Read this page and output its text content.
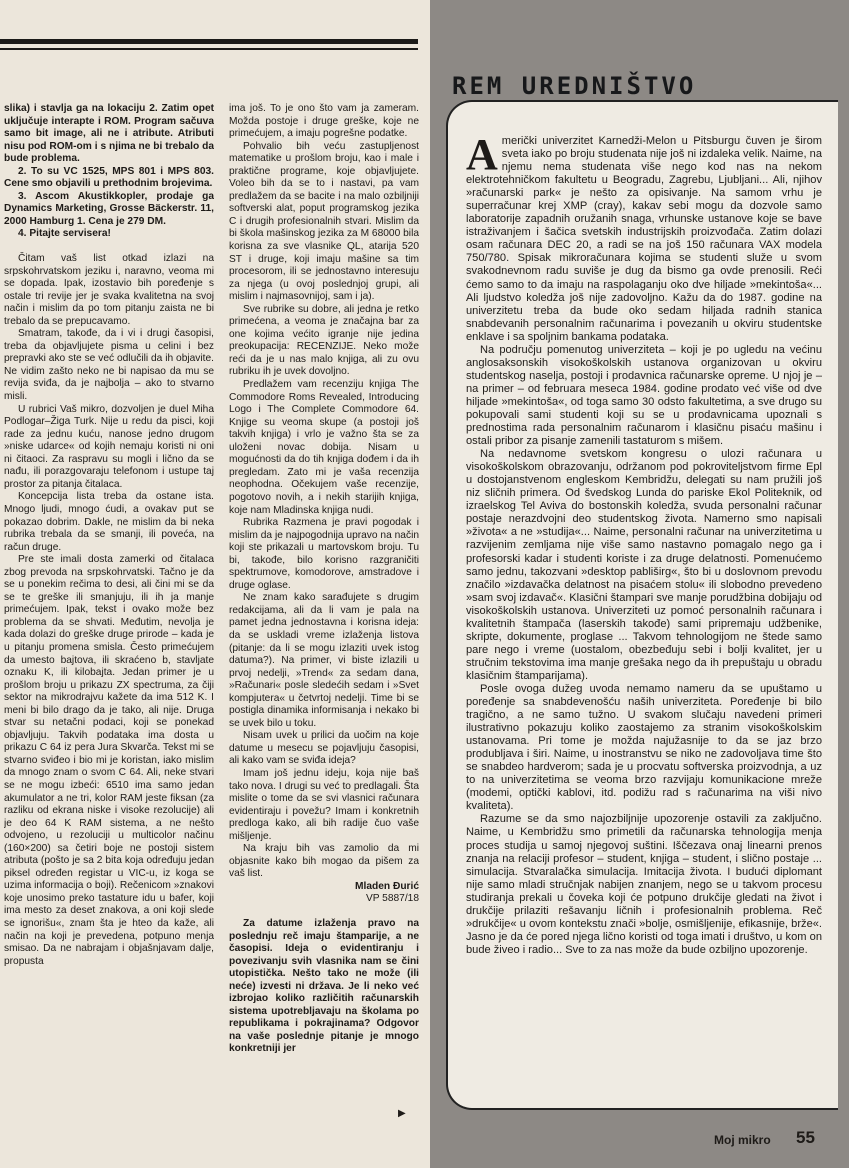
slika) i stavlja ga na lokaciju 2. Zatim opet uključuje interapte i ROM. Program sačuva samo bit image, ali ne i atribute. Atributi nisu pod ROM-om i s njima ne bi trebalo da bude problema.

2. To su VC 1525, MPS 801 i MPS 803. Cene smo objavili u prethodnim brojevima.

3. Ascom Akustikkopler, prodaje ga Dynamics Marketing, Grosse Bäckerstr. 11, 2000 Hamburg 1. Cena je 279 DM.

4. Pitajte servisera!

Čitam vaš list otkad izlazi na srpskohrvatskom jeziku i, naravno, veoma mi se dopada. Ipak, izostavio bih poređenje s ostale tri revije jer je svaka kvalitetna na svoj način i mislim da po tom pitanju zaista ne bi trebalo da se prepucavamo.

Smatram, takođe, da i vi i drugi časopisi, treba da objavljujete pisma u celini i bez prepravki ako ste se već odlučili da ih objavite. Ne vidim zašto neko ne bi napisao da mu se revija sviđa, da je najbolja – ako to stvarno misli.

U rubrici Vaš mikro, dozvoljen je duel Miha Podlogar–Žiga Turk. Nije u redu da pisci, koji rade za jednu kuću, nanose jedno drugom »niske udarce« od kojih nemaju koristi ni oni ni čitaoci. Za raspravu su mogli i lično da se nađu, ili porazgovaraju telefonom i ustupe taj prostor za pitanja čitalaca.

Koncepcija lista treba da ostane ista. Mnogo ljudi, mnogo ćudi, a ovakav put se pokazao dobrim. Dakle, ne mislim da bi neka rubrika trebala da se smanji, ili poveća, na račun druge.

Pre ste imali dosta zamerki od čitalaca zbog prevoda na srpskohrvatski. Tačno je da se u ponekim rečima to desi, ali čini mi se da se te greške ili smanjuju, ili ih ja manje primećujem. Ipak, tekst i ovako može bez problema da se shvati. Međutim, nevolja je kada dolazi do greške druge prirode – kada je u pitanju promena smisla. Često primećujem da umesto bajtova, ili skraćeno b, stavljate oznaku K, ili kilobajta. Jedan primer je u prošlom broju u prikazu ZX spectruma, za čiji sektor na mikrodrajvu kažete da ima 512 K. I meni bi bilo drago da je tako, ali nije. Druga stvar su netačni podaci, koji se ponekad objavljuju. Takvih podataka ima dosta u prikazu C 64 iz pera Jura Skvarča. Tekst mi se stvarno sviđeo i bio mi je koristan, iako mislim da mnogo znam o svom C 64. Ali, neke stvari se ne mogu izbeći: 6510 ima samo jedan akumulator a ne tri, kolor RAM jeste fiksan (za razliku od ekrana niske i visoke rezolucije) ali je deo 64 K RAM sistema, a ne nešto odvojeno, u rezoluciji u multicolor načinu (160×200) sa četiri boje ne postoji sistem atributa (pošto je sa 2 bita koja određuju jedan piksel određen registar u VIC-u, iz koga se uzima informacija o boji). Rečenicom »znakovi koje unosimo preko tastature idu u bafer, koji ima mesto za deset znakova, a oni koji slede se ignorišu«, znam šta je hteo da kaže, ali način na koji je prevedena, potpuno menja smisao. Da ne nabrajam i objašnjavam dalje, propusta

ima još. To je ono što vam ja zameram. Možda postoje i druge greške, koje ne primećujem, a imaju pogrešne podatke.

Pohvalio bih veću zastupljenost matematike u prošlom broju, kao i male i praktične programe, koje objavljujete. Voleo bih da se to i nastavi, pa vam predlažem da se bacite i na malo ozbiljniji softverski alat, poput programskog jezika C i drugih profesionalnih stvari. Mislim da bi škola mašinskog jezika za M 68000 bila korisna za sve vlasnike QL, atarija 520 ST i druge, koji imaju mašine sa tim procesorom, ili se jednostavno interesuju za njega (u ovoj poslednjoj grupi, ali mislim i najmasovnijoj, sam i ja).

Sve rubrike su dobre, ali jedna je retko primećena, a veoma je značajna bar za one kojima većito igranje nije jedina preokupacija: RECENZIJE. Neko može reći da je u nas malo knjiga, ali zu ovu rubriku ih je uvek dovoljno.

Predlažem vam recenziju knjiga The Commodore Roms Revealed, Introducing Logo i The Complete Commodore 64. Knjige su veoma skupe (a postoji još takvih knjiga) i vrlo je važno šta se za uloženi novac dobija. Nisam u mogućnosti da do tih knjiga dođem i da ih pregledam. Zato mi je vaša recenzija neophodna. Očekujem vaše recenzije, pogotovo novih, a i nekih starijih knjiga, koje nam Mladinska knjiga nudi.

Rubrika Razmena je pravi pogodak i mislim da je najpogodnija upravo na način koji ste prikazali u martovskom broju. Tu bi, takođe, bilo korisno razgraničiti spektrumove, komodorove, amstradove i druge oglase.

Ne znam kako sarađujete s drugim redakcijama, ali da li vam je pala na pamet jedna jednostavna i korisna ideja: da se uskladi vreme izlaženja listova (pitanje: da li se mogu izlaziti uvek istog datuma?). Na primer, vi biste izlazili u prvoj nedelji, »Trend« za sedam dana, »Računari« posle sledećih sedam i »Svet kompjutera« u četvrtoj nedelji. Time bi se postigla dinamika informisanja i nekako bi se uvek bilo u toku.

Nisam uvek u prilici da uočim na koje datume u mesecu se pojavljuju časopisi, ali kako vam se sviđa ideja?

Imam još jednu ideju, koja nije baš tako nova. I drugi su već to predlagali. Šta mislite o tome da se svi vlasnici računara evidentiraju i povežu? Imam i konkretnih predloga kako, ali bih radije čuo vaše mišljenje.

Na kraju bih vas zamolio da mi objasnite kako bih mogao da pišem za vaš list.

Mladen Đurić

VP 5887/18

Za datume izlaženja pravo na poslednju reč imaju štamparije, a ne časopisi. Ideja o evidentiranju i povezivanju svih vlasnika nam se čini utopističkа. Nešto tako ne može (ili neće) izvesti ni država. Je li neko već izbrojao koliko različitih računarskih sistema upotrebljavaju na školama po republikama i pokrajinama? Odgovor na vaše poslednje pitanje je mnogo konkretniji jer

▶
REM UREDNIŠTVO

Američki univerzitet Karnedži-Melon u Pitsburgu čuven je širom sveta iako po broju studenata nije još ni izdaleka velik. Naime, na njemu nema studenata više nego kod nas na nekom elektrotehničkom fakultetu u Beogradu, Zagrebu, Ljubljani... Ali, njihov »računarski park« je nešto za opisivanje. Na samom vrhu je superračunar krej XMP (cray), kakav sebi mogu da dozvole samo laboratorije zapadnih oružanih snaga, vrhunske ustanove koje se bave istraživanjem i šačica svetskih industrijskih proizvođača. Zatim dolazi osam računara DEC 20, a radi se na još 150 računara VAX modela 750/780. Spisak mikroračunara kojima se studenti služe u svom svakodnevnom radu suviše je dug da bismo ga ovde prenosili. Reći ćemo samo to da imaju na raspolaganju oko dve hiljade »mekintoša«... Ali ljudstvo koledža još nije zadovoljno. Kažu da do 1987. godine na univerzitetu treba da bude oko sedam hiljada radnih stanica snabdevanih personalnim računarima i povezanih u okviru studentske enklave i sa spoljnim bankama podataka.

Na području pomenutog univerziteta – koji je po ugledu na većinu anglosaksonskih visokoškolskih ustanova organizovan u okviru studentskog naselja, postoji i prodavnica računarske opreme. U njoj je – na primer – od februara meseca 1984. godine prodato već više od dve hiljade »mekintoša«, od toga samo 30 odsto fakultetima, a sve drugo su pokupovali sami studenti koji su se u prodavnicama upoznali s prednostima rada personalnim računarom i klasičnu pisaću mašinu i ostali pribor za pisanje zamenili tastaturom s mišem.

Na nedavnome svetskom kongresu o ulozi računara u visokoškolskom obrazovanju, održanom pod pokroviteljstvom firme Epl u dostojanstvenom engleskom Kembridžu, delegati su nam pružili još niz sličnih primera. Od švedskog Lunda do pariske Ekol Politeknik, od izraelskog Tel Aviva do bostonskih koledža, svuda personalni računar postaje nerazdvojni deo studentskog života. Namerno smo napisali »života« a ne »studija«... Naime, personalni računar na univerzitetima u razvijenim zemljama nije više samo nastavno pomagalo nego ga i profesorski kadar i studenti koriste i za druge delatnosti. Pomenućemo samo jednu, takozvani »desktop pabliširg«, što bi u doslovnom prevodu značilo »izdavačka delatnost na pisaćem stolu« ili slobodno prevedeno »sam svoj izdavač«. Klasični štampari sve manje porudžbina dobijaju od visokoškolskih ustanova. Univerziteti uz pomoć personalnih računara i kvalitetnih štampača (laserskih takođe) sami pripremaju udžbenike, skripte, dokumente, proglase ... Takvom tehnologijom ne štede samo pare nego i vreme (uostalom, obezbeđuju sebi i bolji kvalitet, jer u stručnim tekstovima ima manje grešaka nego da ih prepuštaju u obradu klasičnim štamparijama).

Posle ovoga dužeg uvoda nemamo nameru da se upuštamo u poređenje sa snabdevenošću naših univerziteta. Poređenje bi bilo tragično, a ne samo tužno. U svakom slučaju navedeni primeri ilustrativno pokazuju koliko zaostajemo za stranim visokoškolskim ustanovama. Pri tome je možda najužasnije to da se jaz brzo produbljava i širi. Naime, u inostranstvu se niko ne zadovoljava time što se snabdeo hardverom; sada je u procvatu softverska proizvodnja, a uz to na univerzitetima se veoma brzo razvijaju komunikacione mreže (modemi, optički kablovi, itd. podižu rad s računarima na viši nivo kvaliteta).

Razume se da smo najozbiljnije upozorenje ostavili za zaključno. Naime, u Kembridžu smo primetili da računarska tehnologija menja proces studija u samoj njegovoj suštini. Iščezava onaj linearni prenos znanja na relaciji profesor – student, knjiga – student, i slično postaje ... simulacija. Stvaralačka simulacija. Imitacija života. I budući diplomant nije samo mladi stručnjak nabijen znanjem, nego se u takvom procesu studiranja prekali u čoveka koji će potpuno drukčije gledati na život i drukčije prilaziti rešavanju ličnih i profesionalnih problema. Reč »drukčije« u ovom kontekstu znači »bolje, osmišljenije, efikasnije, brže«. Jasno je da će pored njega lično koristi od toga imati i društvo, u kom on bude živeo i radio... Sve to za nas može da bude ozbiljno upozorenje.

Moj mikro 55
